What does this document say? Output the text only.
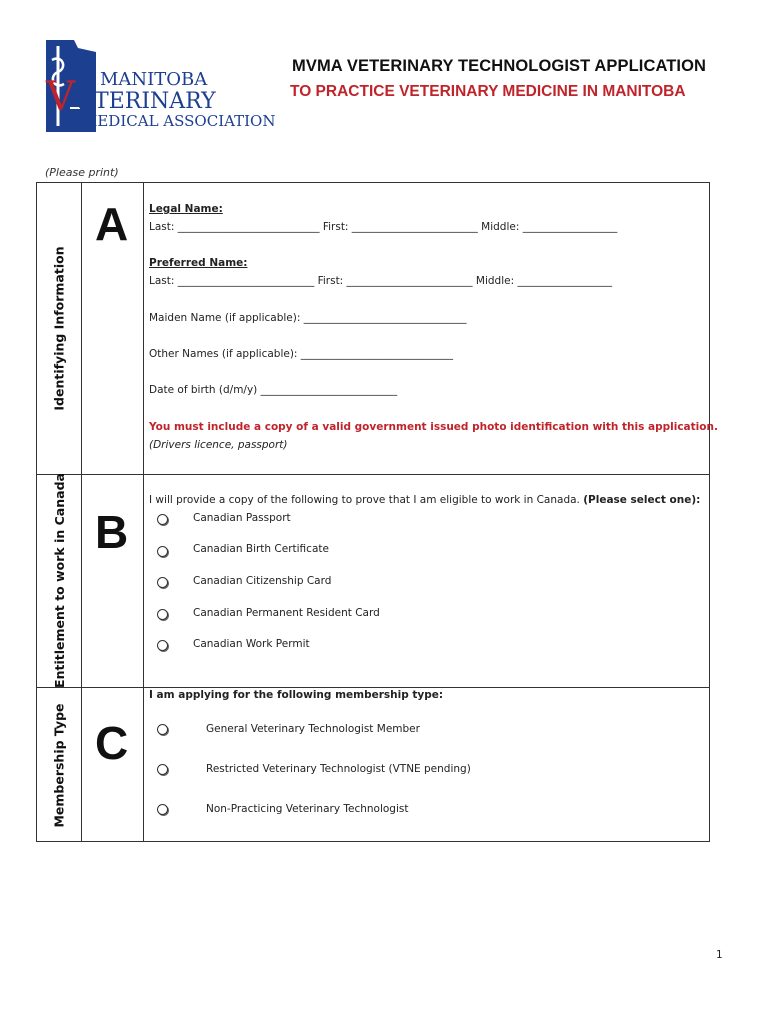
MANITOBA
V ETERINARY
MEDICAL ASSOCIATION
MVMA VETERINARY TECHNOLOGIST APPLICATION
TO PRACTICE VETERINARY MEDICINE IN MANITOBA
(Please print)
Identifying Information
A Legal Name:
Last: ___________________________ First: ________________________ Middle: __________________
Preferred Name:
Last: __________________________ First: ________________________ Middle: __________________
Maiden Name (if applicable): _______________________________
Other Names (if applicable): _____________________________
Date of birth (d/m/y) __________________________
You must include a copy of a valid government issued photo identification with this application.
(Drivers licence, passport)
Entitlement to work in Canada B
I will provide a copy of the following to prove that I am eligible to work in Canada. (Please select one):
Canadian Passport
Canadian Birth Certificate
Canadian Citizenship Card
Canadian Permanent Resident Card
Canadian Work Permit
Membership Type C
I am applying for the following membership type:
General Veterinary Technologist Member
Restricted Veterinary Technologist (VTNE pending)
Non-Practicing Veterinary Technologist
1
